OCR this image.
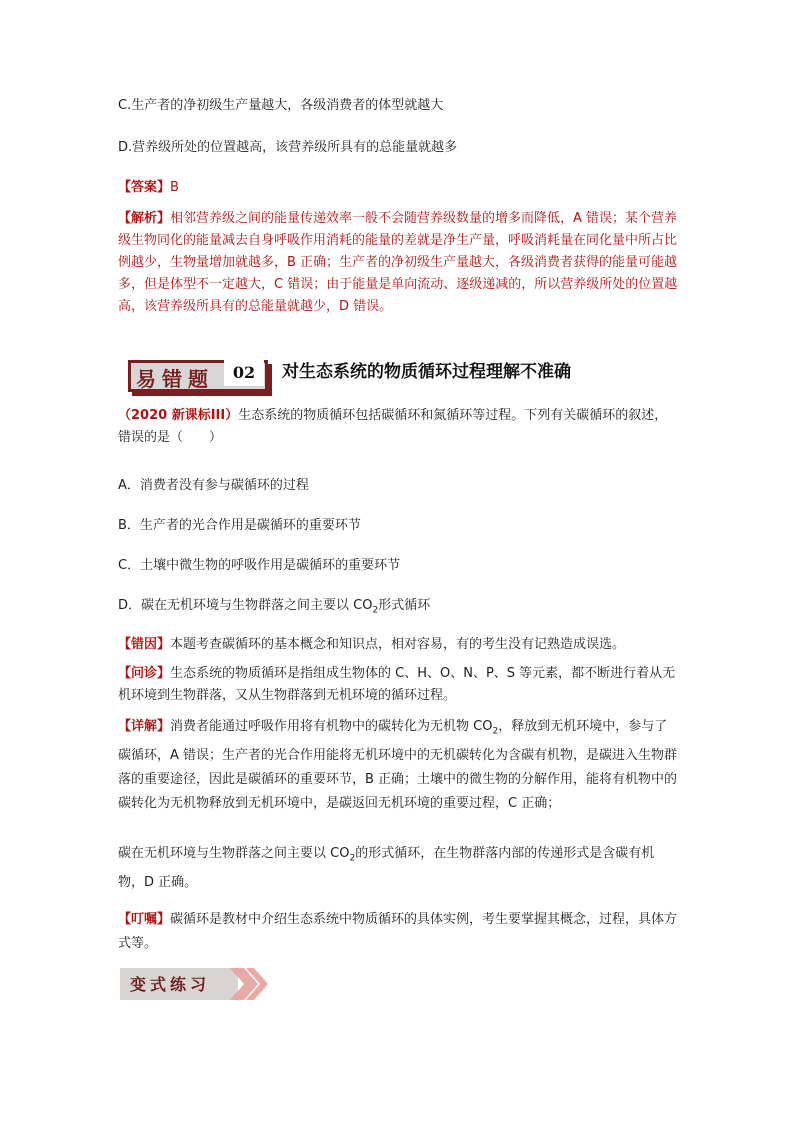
C.生产者的净初级生产量越大，各级消费者的体型就越大
D.营养级所处的位置越高，该营养级所具有的总能量就越多
【答案】B
【解析】相邻营养级之间的能量传递效率一般不会随营养级数量的增多而降低，A 错误；某个营养级生物同化的能量减去自身呼吸作用消耗的能量的差就是净生产量，呼吸消耗量在同化量中所占比例越少，生物量增加就越多，B 正确；生产者的净初级生产量越大，各级消费者获得的能量可能越多，但是体型不一定越大，C 错误；由于能量是单向流动、逐级递减的，所以营养级所处的位置越高，该营养级所具有的总能量就越少，D 错误。
易错题	02	对生态系统的物质循环过程理解不准确
（2020 新课标III）生态系统的物质循环包括碳循环和氮循环等过程。下列有关碳循环的叙述，错误的是（　　）
A．消费者没有参与碳循环的过程
B．生产者的光合作用是碳循环的重要环节
C．土壤中微生物的呼吸作用是碳循环的重要环节
D．碳在无机环境与生物群落之间主要以 $CO_2$形式循环
【错因】本题考查碳循环的基本概念和知识点，相对容易，有的考生没有记熟造成误选。
【问诊】生态系统的物质循环是指组成生物体的 C、H、O、N、P、S 等元素，都不断进行着从无机环境到生物群落，又从生物群落到无机环境的循环过程。
【详解】消费者能通过呼吸作用将有机物中的碳转化为无机物 $CO_2$，释放到无机环境中，参与了碳循环，A 错误；生产者的光合作用能将无机环境中的无机碳转化为含碳有机物，是碳进入生物群落的重要途径，因此是碳循环的重要环节，B 正确；土壤中的微生物的分解作用，能将有机物中的碳转化为无机物释放到无机环境中，是碳返回无机环境的重要过程，C 正确；
碳在无机环境与生物群落之间主要以 $CO_2$的形式循环，在生物群落内部的传递形式是含碳有机物，D 正确。
【叮嘱】碳循环是教材中介绍生态系统中物质循环的具体实例，考生要掌握其概念，过程，具体方式等。
变式练习
